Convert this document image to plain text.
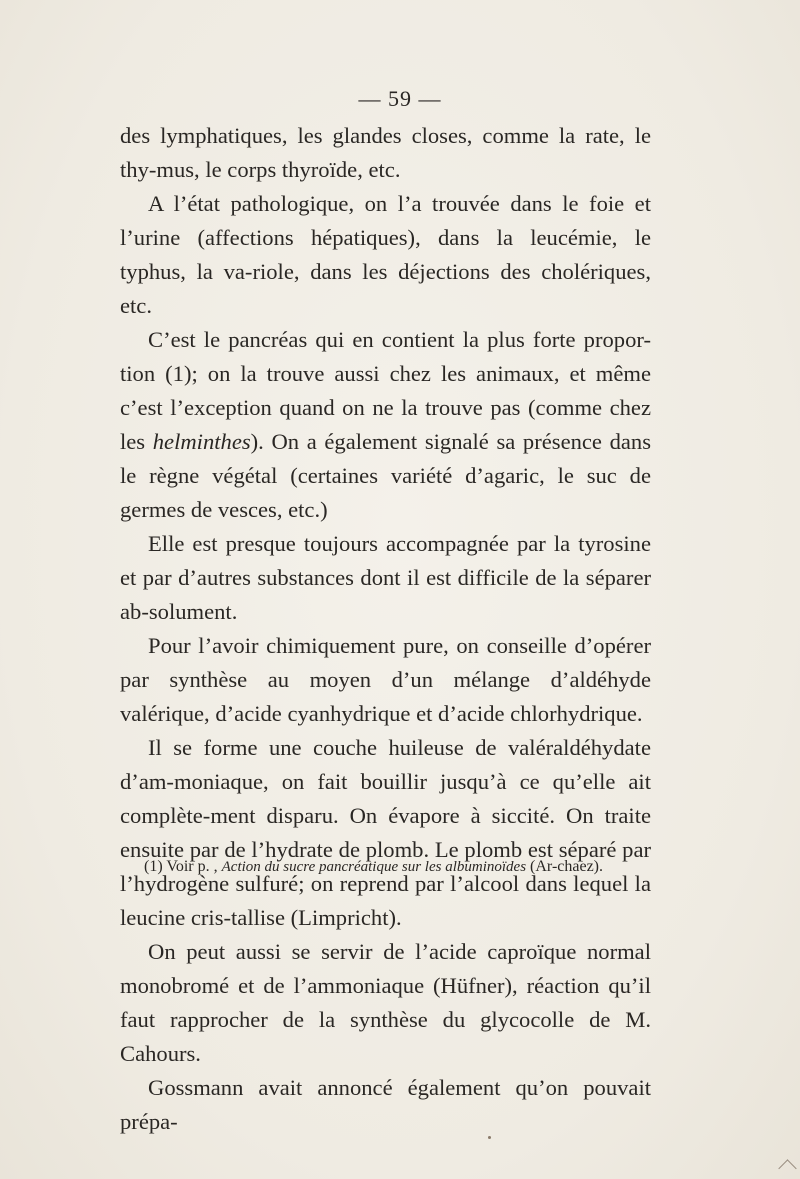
— 59 —

des lymphatiques, les glandes closes, comme la rate, le thy-mus, le corps thyroïde, etc.

A l’état pathologique, on l’a trouvée dans le foie et l’urine (affections hépatiques), dans la leucémie, le typhus, la va-riole, dans les déjections des cholériques, etc.

C’est le pancréas qui en contient la plus forte propor-tion (1); on la trouve aussi chez les animaux, et même c’est l’exception quand on ne la trouve pas (comme chez les helminthes). On a également signalé sa présence dans le règne végétal (certaines variété d’agaric, le suc de germes de vesces, etc.)

Elle est presque toujours accompagnée par la tyrosine et par d’autres substances dont il est difficile de la séparer ab-solument.

Pour l’avoir chimiquement pure, on conseille d’opérer par synthèse au moyen d’un mélange d’aldéhyde valérique, d’acide cyanhydrique et d’acide chlorhydrique.

Il se forme une couche huileuse de valéraldéhydate d’am-moniaque, on fait bouillir jusqu’à ce qu’elle ait complète-ment disparu. On évapore à siccité. On traite ensuite par de l’hydrate de plomb. Le plomb est séparé par l’hydrogène sulfuré; on reprend par l’alcool dans lequel la leucine cris-tallise (Limpricht).

On peut aussi se servir de l’acide caproïque normal monobromé et de l’ammoniaque (Hüfner), réaction qu’il faut rapprocher de la synthèse du glycocolle de M. Cahours.

Gossmann avait annoncé également qu’on pouvait prépa-

(1) Voir p. , Action du sucre pancréatique sur les albuminoïdes (Ar-chaez).
